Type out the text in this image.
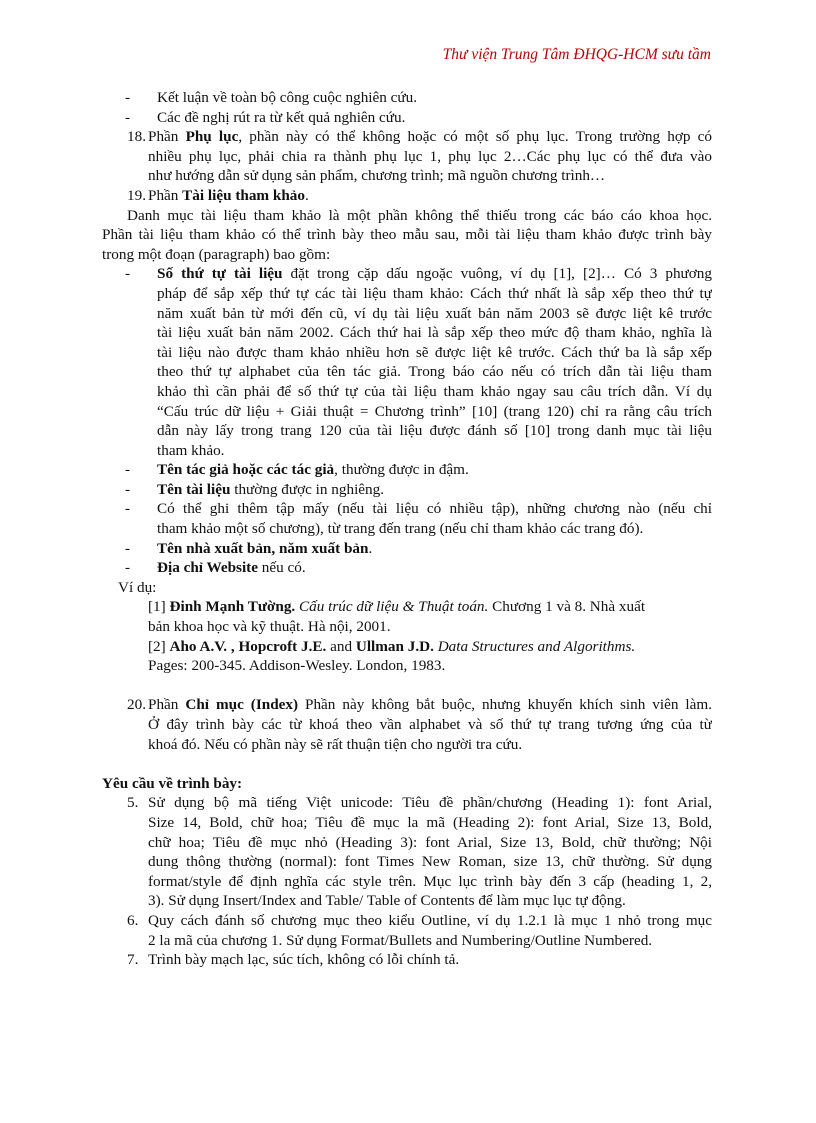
Thư viện Trung Tâm ĐHQG-HCM sưu tầm
- Kết luận về toàn bộ công cuộc nghiên cứu.
- Các đề nghị rút ra từ kết quả nghiên cứu.
18. Phần Phụ lục, phần này có thể không hoặc có một số phụ lục. Trong trường hợp có
nhiều phụ lục, phải chia ra thành phụ lục 1, phụ lục 2…Các phụ lục có thể đưa vào
như hướng dẫn sử dụng sản phẩm, chương trình; mã nguồn chương trình…
19. Phần Tài liệu tham khảo.
Danh mục tài liệu tham khảo là một phần không thể thiếu trong các báo cáo khoa học.
Phần tài liệu tham khảo có thể trình bày theo mẫu sau, mỗi tài liệu tham khảo được trình bày
trong một đoạn (paragraph) bao gồm:
- Số thứ tự tài liệu đặt trong cặp dấu ngoặc vuông, ví dụ [1], [2]… Có 3 phương
pháp để sắp xếp thứ tự các tài liệu tham khảo: Cách thứ nhất là sắp xếp theo thứ tự
năm xuất bản từ mới đến cũ, ví dụ tài liệu xuất bản năm 2003 sẽ được liệt kê trước
tài liệu xuất bản năm 2002. Cách thứ hai là sắp xếp theo mức độ tham khảo, nghĩa là
tài liệu nào được tham khảo nhiều hơn sẽ được liệt kê trước. Cách thứ ba là sắp xếp
theo thứ tự alphabet của tên tác giả. Trong báo cáo nếu có trích dẫn tài liệu tham
khảo thì cần phải để số thứ tự của tài liệu tham khảo ngay sau câu trích dẫn. Ví dụ
“Cấu trúc dữ liệu + Giải thuật = Chương trình” [10] (trang 120) chỉ ra rằng câu trích
dẫn này lấy trong trang 120 của tài liệu được đánh số [10] trong danh mục tài liệu
tham khảo.
- Tên tác giả hoặc các tác giả, thường được in đậm.
- Tên tài liệu thường được in nghiêng.
- Có thể ghi thêm tập mấy (nếu tài liệu có nhiều tập), những chương nào (nếu chỉ
tham khảo một số chương), từ trang đến trang (nếu chỉ tham khảo các trang đó).
- Tên nhà xuất bản, năm xuất bản.
- Địa chỉ Website nếu có.
Ví dụ:
[1] Đinh Mạnh Tường. Cấu trúc dữ liệu & Thuật toán. Chương 1 và 8. Nhà xuất
bản khoa học và kỹ thuật. Hà nội, 2001.
[2] Aho A.V. , Hopcroft J.E. and Ullman J.D. Data Structures and Algorithms.
Pages: 200-345. Addison-Wesley. London, 1983.
20. Phần Chỉ mục (Index) Phần này không bắt buộc, nhưng khuyến khích sinh viên làm.
Ở đây trình bày các từ khoá theo vần alphabet và số thứ tự trang tương ứng của từ
khoá đó. Nếu có phần này sẽ rất thuận tiện cho người tra cứu.
Yêu cầu về trình bày:
5. Sử dụng bộ mã tiếng Việt unicode: Tiêu đề phần/chương (Heading 1): font Arial,
Size 14, Bold, chữ hoa; Tiêu đề mục la mã (Heading 2): font Arial, Size 13, Bold,
chữ hoa; Tiêu đề mục nhỏ (Heading 3): font Arial, Size 13, Bold, chữ thường; Nội
dung thông thường (normal): font Times New Roman, size 13, chữ thường. Sử dụng
format/style để định nghĩa các style trên. Mục lục trình bày đến 3 cấp (heading 1, 2,
3). Sử dụng Insert/Index and Table/ Table of Contents để làm mục lục tự động.
6. Quy cách đánh số chương mục theo kiểu Outline, ví dụ 1.2.1 là mục 1 nhỏ trong mục
2 la mã của chương 1. Sử dụng Format/Bullets and Numbering/Outline Numbered.
7. Trình bày mạch lạc, súc tích, không có lỗi chính tả.
